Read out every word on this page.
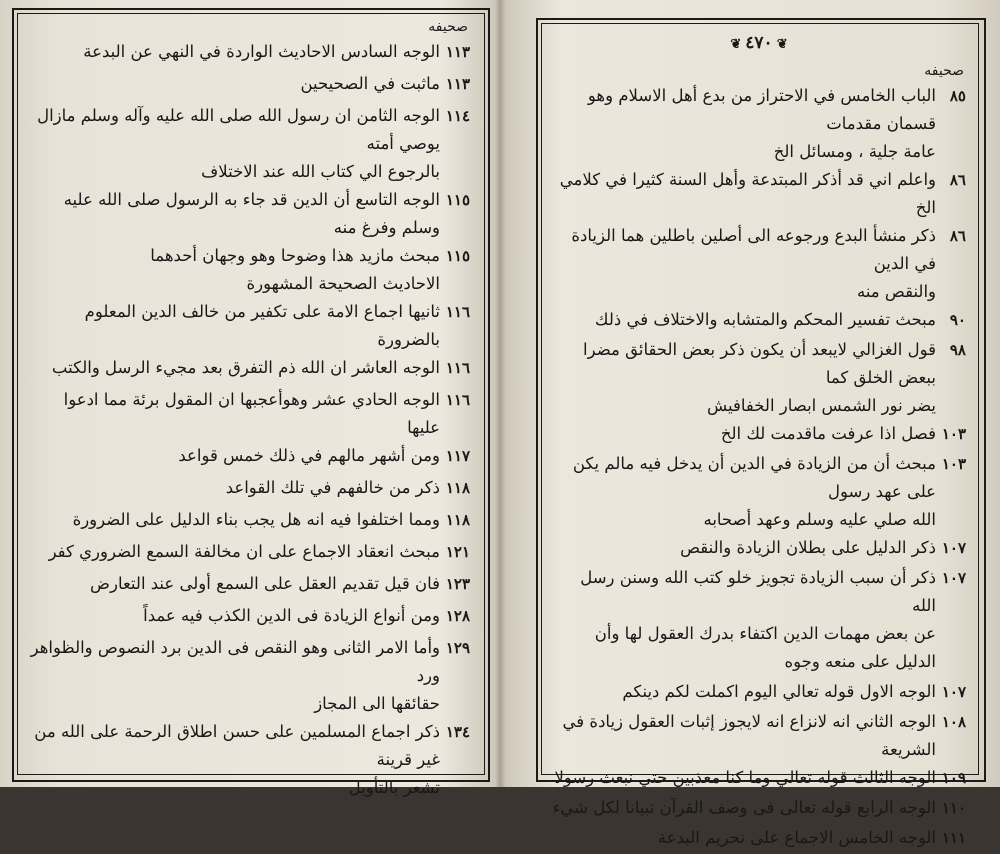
صحيفه
١١٣
الوجه السادس الاحاديث الواردة في النهي عن البدعة
١١٣
ماثبت في الصحيحين
١١٤
الوجه الثامن ان رسول الله صلى الله عليه وآله وسلم مازال يوصي أمته
بالرجوع الي كتاب الله عند الاختلاف
١١٥
الوجه التاسع أن الدين قد جاء به الرسول صلى الله عليه وسلم وفرغ منه
١١٥
مبحث مازيد هذا وضوحا وهو وجهان أحدهما
الاحاديث الصحيحة المشهورة
١١٦
ثانيها اجماع الامة على تكفير من خالف الدين المعلوم بالضرورة
١١٦
الوجه العاشر ان الله ذم التفرق بعد مجيء الرسل والكتب
١١٦
الوجه الحادي عشر وهوأعجبها ان المقول برئة مما ادعوا عليها
١١٧
ومن أشهر مالهم في ذلك خمس قواعد
١١٨
ذكر من خالفهم في تلك القواعد
١١٨
ومما اختلفوا فيه انه هل يجب بناء الدليل على الضرورة
١٢١
مبحث انعقاد الاجماع على ان مخالفة السمع الضروري كفر
١٢٣
فان قيل تقديم العقل على السمع أولى عند التعارض
١٢٨
ومن أنواع الزيادة فى الدين الكذب فيه عمداً
١٢٩
وأما الامر الثانى وهو النقص فى الدين برد النصوص والظواهر ورد
حقائقها الى المجاز
١٣٤
ذكر اجماع المسلمين على حسن اطلاق الرحمة على الله من غير قرينة
تشعر بالتأويل
❦٤٧٠❦
صحيفه
٨٥
الباب الخامس في الاحتراز من بدع أهل الاسلام وهو قسمان مقدمات
عامة جلية ، ومسائل الخ
٨٦
واعلم اني قد أذكر المبتدعة وأهل السنة كثيرا في كلامي الخ
٨٦
ذكر منشأ البدع ورجوعه الى أصلين باطلين هما الزيادة في الدين
والنقص منه
٩٠
مبحث تفسير المحكم والمتشابه والاختلاف في ذلك
٩٨
قول الغزالي لايبعد أن يكون ذكر بعض الحقائق مضرا ببعض الخلق كما
يضر نور الشمس ابصار الخفافيش
١٠٣
فصل اذا عرفت ماقدمت لك الخ
١٠٣
مبحث أن من الزيادة في الدين أن يدخل فيه مالم يكن على عهد رسول
الله صلي عليه وسلم وعهد أصحابه
١٠٧
ذكر الدليل على بطلان الزيادة والنقص
١٠٧
ذكر أن سبب الزيادة تجويز خلو كتب الله وسنن رسل الله
عن بعض مهمات الدين اكتفاء بدرك العقول لها وأن
الدليل على منعه وجوه
١٠٧
الوجه الاول قوله تعالي اليوم اكملت لكم دينكم
١٠٨
الوجه الثاني انه لانزاع انه لايجوز إثبات العقول زيادة في الشريعة
١٠٩
الوجه الثالث قوله تعالي وما كنا معذبين حتي نبعث رسولا
١١٠
الوجه الرابع قوله تعالى فى وصف القرآن تبيانا لكل شيء
١١١
الوجه الخامس الاجماع على تحريم البدعة
